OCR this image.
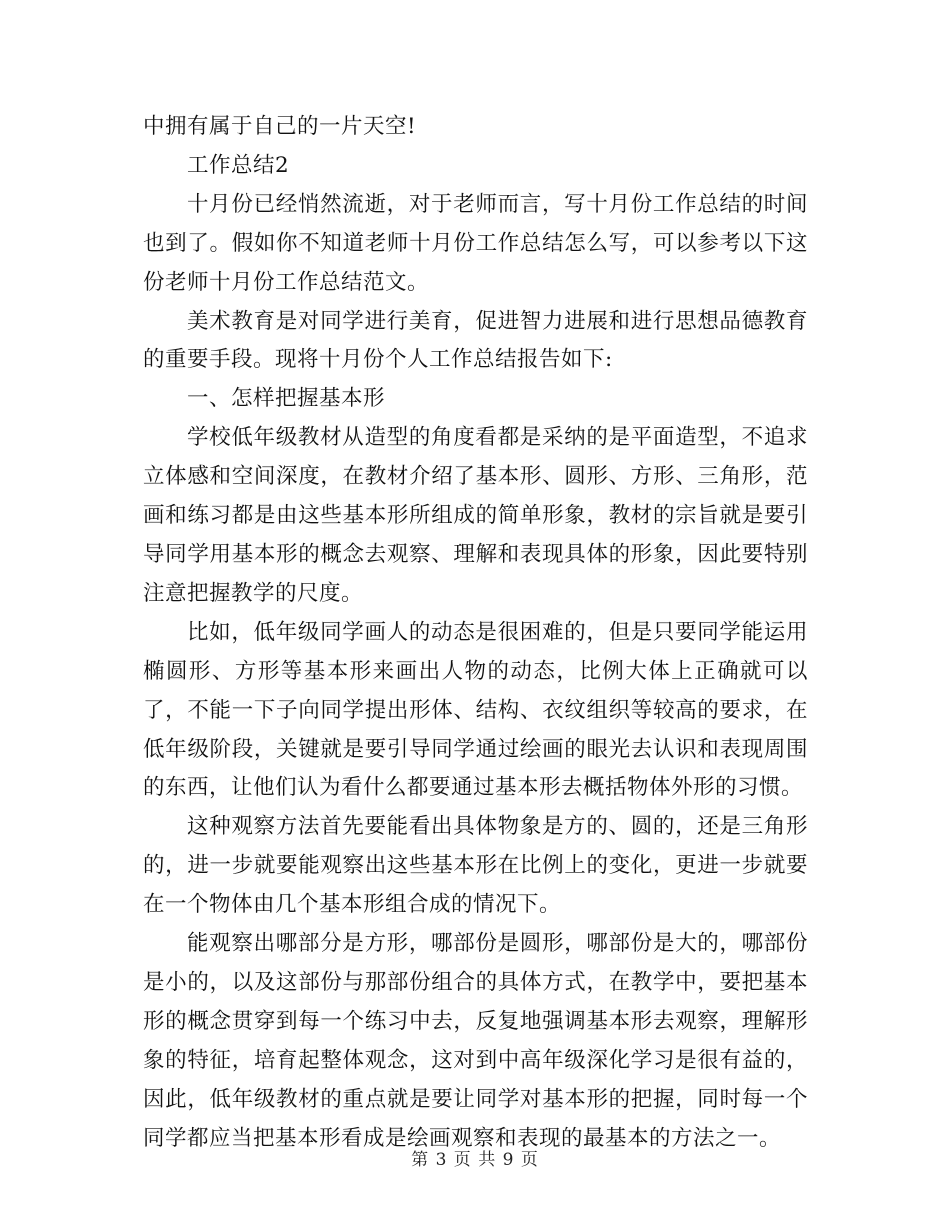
中拥有属于自己的一片天空!

工作总结2

十月份已经悄然流逝，对于老师而言，写十月份工作总结的时间也到了。假如你不知道老师十月份工作总结怎么写，可以参考以下这份老师十月份工作总结范文。

美术教育是对同学进行美育，促进智力进展和进行思想品德教育的重要手段。现将十月份个人工作总结报告如下:

一、怎样把握基本形

学校低年级教材从造型的角度看都是采纳的是平面造型，不追求立体感和空间深度，在教材介绍了基本形、圆形、方形、三角形，范画和练习都是由这些基本形所组成的简单形象，教材的宗旨就是要引导同学用基本形的概念去观察、理解和表现具体的形象，因此要特别注意把握教学的尺度。

比如，低年级同学画人的动态是很困难的，但是只要同学能运用椭圆形、方形等基本形来画出人物的动态，比例大体上正确就可以了，不能一下子向同学提出形体、结构、衣纹组织等较高的要求，在低年级阶段，关键就是要引导同学通过绘画的眼光去认识和表现周围的东西，让他们认为看什么都要通过基本形去概括物体外形的习惯。

这种观察方法首先要能看出具体物象是方的、圆的，还是三角形的，进一步就要能观察出这些基本形在比例上的变化，更进一步就要在一个物体由几个基本形组合成的情况下。

能观察出哪部分是方形，哪部份是圆形，哪部份是大的，哪部份是小的，以及这部份与那部份组合的具体方式，在教学中，要把基本形的概念贯穿到每一个练习中去，反复地强调基本形去观察，理解形象的特征，培育起整体观念，这对到中高年级深化学习是很有益的，因此，低年级教材的重点就是要让同学对基本形的把握，同时每一个同学都应当把基本形看成是绘画观察和表现的最基本的方法之一。

第 3 页 共 9 页
